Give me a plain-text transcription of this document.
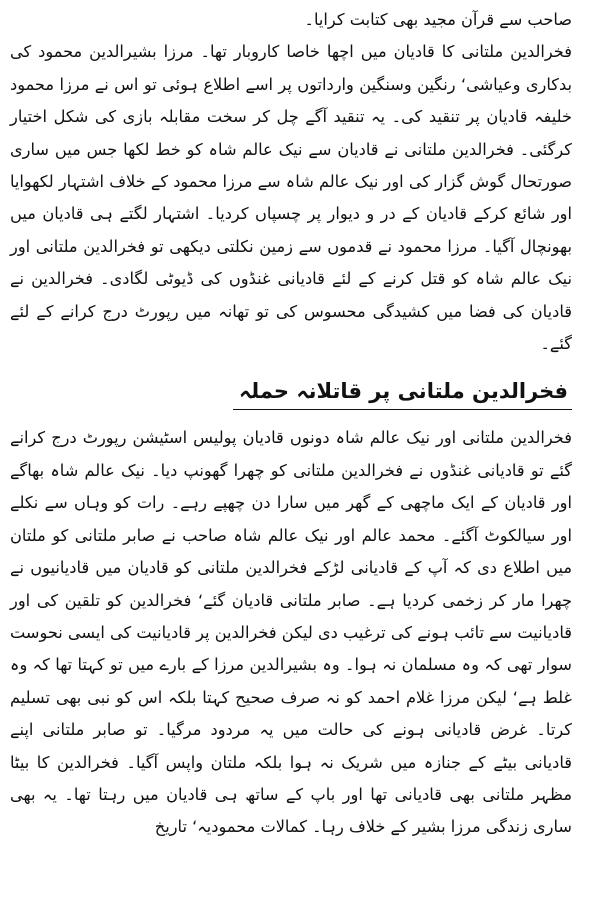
صاحب سے قرآن مجید بھی کتابت کرایا۔

فخرالدین ملتانی کا قادیان میں اچھا خاصا کاروبار تھا۔ مرزا بشیرالدین محمود کی بدکاری وعیاشی‘ رنگین وسنگین وارداتوں پر اسے اطلاع ہوئی تو اس نے مرزا محمود خلیفہ قادیان پر تنقید کی۔ یہ تنقید آگے چل کر سخت مقابلہ بازی کی شکل اختیار کرگئی۔ فخرالدین ملتانی نے قادیان سے نیک عالم شاہ کو خط لکھا جس میں ساری صورتحال گوش گزار کی اور نیک عالم شاہ سے مرزا محمود کے خلاف اشتہار لکھوایا اور شائع کرکے قادیان کے در و دیوار پر چسپاں کردیا۔ اشتہار لگتے ہی قادیان میں بھونچال آگیا۔ مرزا محمود نے قدموں سے زمین نکلتی دیکھی تو فخرالدین ملتانی اور نیک عالم شاہ کو قتل کرنے کے لئے قادیانی غنڈوں کی ڈیوٹی لگادی۔ فخرالدین نے قادیان کی فضا میں کشیدگی محسوس کی تو تھانہ میں رپورٹ درج کرانے کے لئے گئے۔

فخرالدین ملتانی پر قاتلانہ حملہ

فخرالدین ملتانی اور نیک عالم شاہ دونوں قادیان پولیس اسٹیشن رپورٹ درج کرانے گئے تو قادیانی غنڈوں نے فخرالدین ملتانی کو چھرا گھونپ دیا۔ نیک عالم شاہ بھاگے اور قادیان کے ایک ماچھی کے گھر میں سارا دن چھپے رہے۔ رات کو وہاں سے نکلے اور سیالکوٹ آگئے۔ محمد عالم اور نیک عالم شاہ صاحب نے صابر ملتانی کو ملتان میں اطلاع دی کہ آپ کے قادیانی لڑکے فخرالدین ملتانی کو قادیان میں قادیانیوں نے چھرا مار کر زخمی کردیا ہے۔ صابر ملتانی قادیان گئے‘ فخرالدین کو تلقین کی اور قادیانیت سے تائب ہونے کی ترغیب دی لیکن فخرالدین پر قادیانیت کی ایسی نحوست سوار تھی کہ وہ مسلمان نہ ہوا۔ وہ بشیرالدین مرزا کے بارے میں تو کہتا تھا کہ وہ غلط ہے‘ لیکن مرزا غلام احمد کو نہ صرف صحیح کہتا بلکہ اس کو نبی بھی تسلیم کرتا۔ غرض قادیانی ہونے کی حالت میں یہ مردود مرگیا۔ تو صابر ملتانی اپنے قادیانی بیٹے کے جنازہ میں شریک نہ ہوا بلکہ ملتان واپس آگیا۔ فخرالدین کا بیٹا مظہر ملتانی بھی قادیانی تھا اور باپ کے ساتھ ہی قادیان میں رہتا تھا۔ یہ بھی ساری زندگی مرزا بشیر کے خلاف رہا۔ کمالات محمودیہ‘ تاریخ
